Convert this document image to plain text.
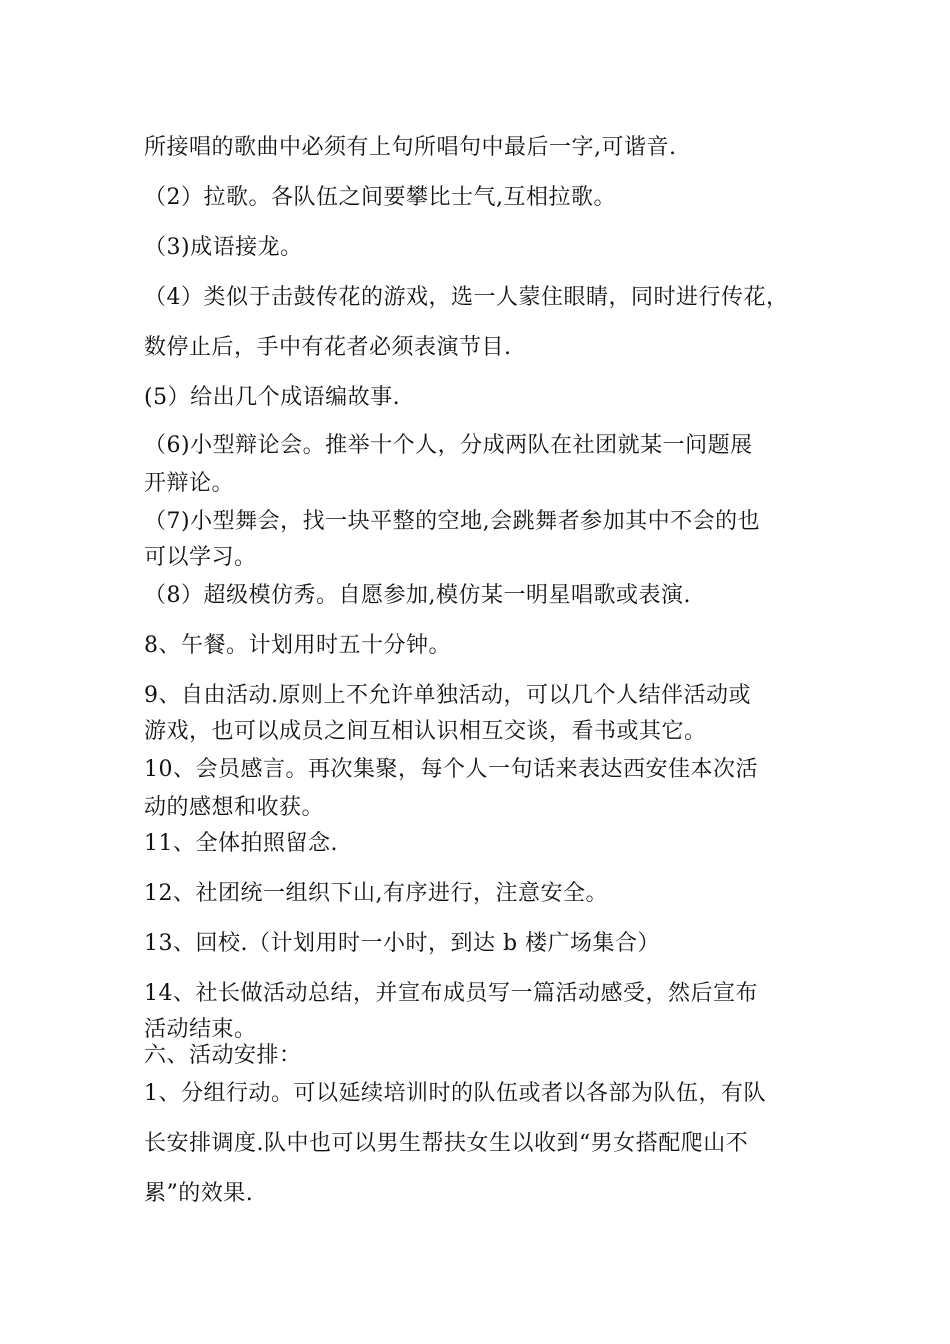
所接唱的歌曲中必须有上句所唱句中最后一字,可谐音.
（2）拉歌。各队伍之间要攀比士气,互相拉歌。
（3)成语接龙。
（4）类似于击鼓传花的游戏，选一人蒙住眼睛，同时进行传花，
数停止后，手中有花者必须表演节目.
(5）给出几个成语编故事.
（6)小型辩论会。推举十个人，分成两队在社团就某一问题展
开辩论。
（7)小型舞会，找一块平整的空地,会跳舞者参加其中不会的也
可以学习。
（8）超级模仿秀。自愿参加,模仿某一明星唱歌或表演.
8、午餐。计划用时五十分钟。
9、自由活动.原则上不允许单独活动，可以几个人结伴活动或
游戏，也可以成员之间互相认识相互交谈，看书或其它。
10、会员感言。再次集聚，每个人一句话来表达西安佳本次活
动的感想和收获。
11、全体拍照留念.
12、社团统一组织下山,有序进行，注意安全。
13、回校.（计划用时一小时，到达 b 楼广场集合）
14、社长做活动总结，并宣布成员写一篇活动感受，然后宣布
活动结束。
六、活动安排：
1、分组行动。可以延续培训时的队伍或者以各部为队伍，有队
长安排调度.队中也可以男生帮扶女生以收到“男女搭配爬山不
累”的效果.
